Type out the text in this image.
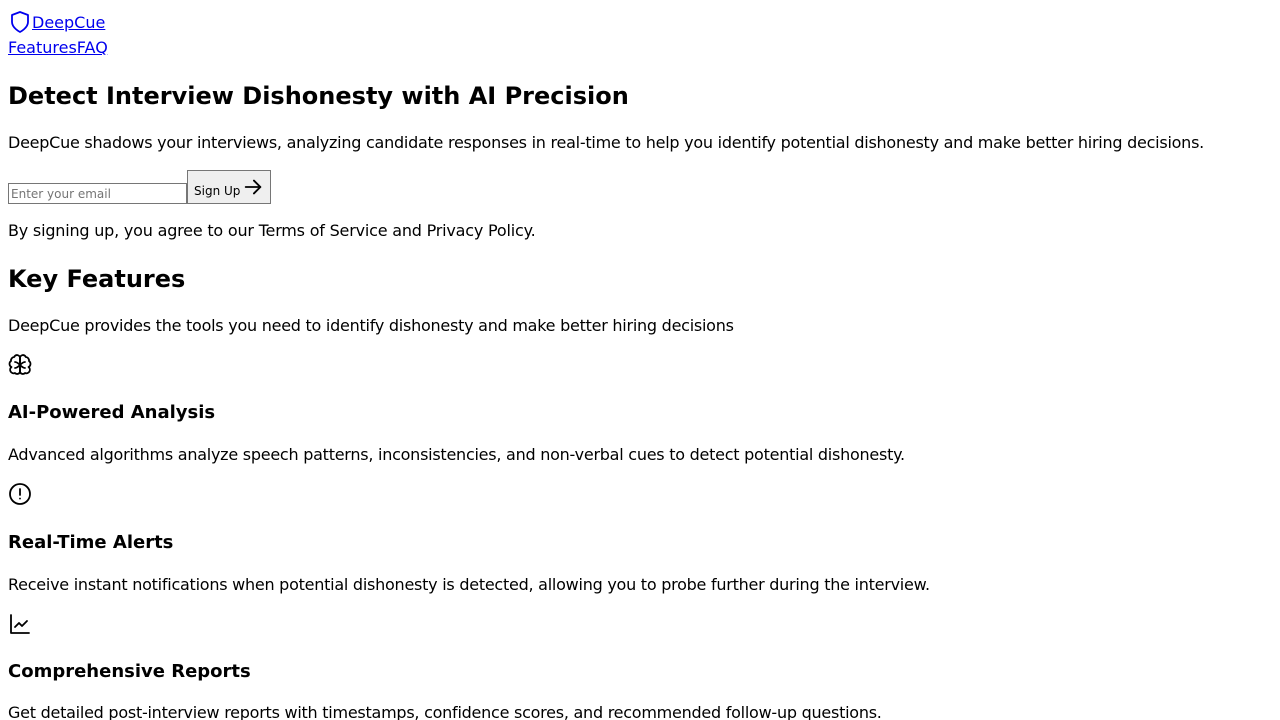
DeepCue
FeaturesFAQ
Detect Interview Dishonesty with AI Precision

DeepCue shadows your interviews, analyzing candidate responses in real-time to help you identify potential dishonesty and make better hiring decisions.

Enter your email
Sign Up

By signing up, you agree to our Terms of Service and Privacy Policy.

Key Features

DeepCue provides the tools you need to identify dishonesty and make better hiring decisions

AI-Powered Analysis

Advanced algorithms analyze speech patterns, inconsistencies, and non-verbal cues to detect potential dishonesty.

Real-Time Alerts

Receive instant notifications when potential dishonesty is detected, allowing you to probe further during the interview.

Comprehensive Reports

Get detailed post-interview reports with timestamps, confidence scores, and recommended follow-up questions.
